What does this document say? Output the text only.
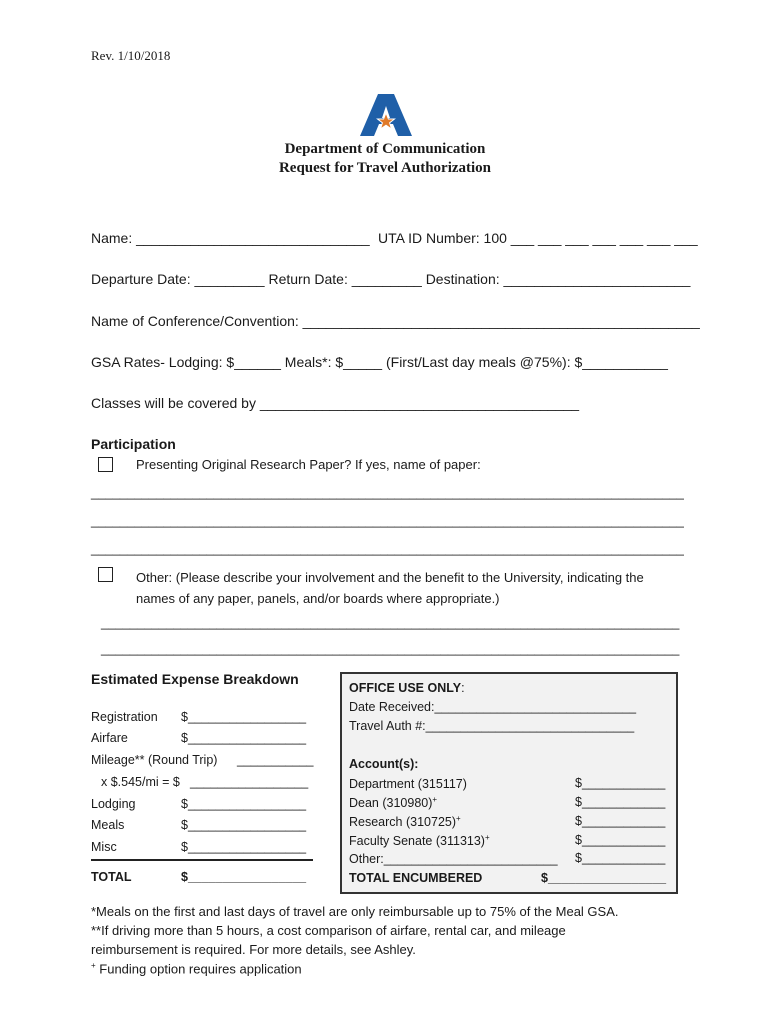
Rev. 1/10/2018
Department of Communication
Request for Travel Authorization
Name: ______________________________ UTA ID Number: 100 ___ ___ ___ ___ ___ ___ ___
Departure Date: _________ Return Date: _________ Destination: ________________________
Name of Conference/Convention: ___________________________________________________
GSA Rates- Lodging: $______ Meals*: $_____ (First/Last day meals @75%): $___________
Classes will be covered by _________________________________________
Participation
Presenting Original Research Paper? If yes, name of paper:
__________________________________________________________________________________
__________________________________________________________________________________
__________________________________________________________________________________
Other: (Please describe your involvement and the benefit to the University, indicating the
names of any paper, panels, and/or boards where appropriate.)
________________________________________________________________________________
________________________________________________________________________________
Estimated Expense Breakdown
Registration $_________________
Airfare	$_________________
Mileage** (Round Trip) ___________
x $.545/mi = $ _________________
Lodging	$_________________
Meals	$_________________
Misc	$_________________
TOTAL	$_________________
OFFICE USE ONLY:
Date Received:_____________________________
Travel Auth #:______________________________
Account(s):
Department (315117)	$____________
Dean (310980)+	$____________
Research (310725)+	$____________
Faculty Senate (311313)+	$____________
Other:_________________________ $____________
TOTAL ENCUMBERED	$_________________
*Meals on the first and last days of travel are only reimbursable up to 75% of the Meal GSA.
**If driving more than 5 hours, a cost comparison of airfare, rental car, and mileage
reimbursement is required. For more details, see Ashley.
+ Funding option requires application
